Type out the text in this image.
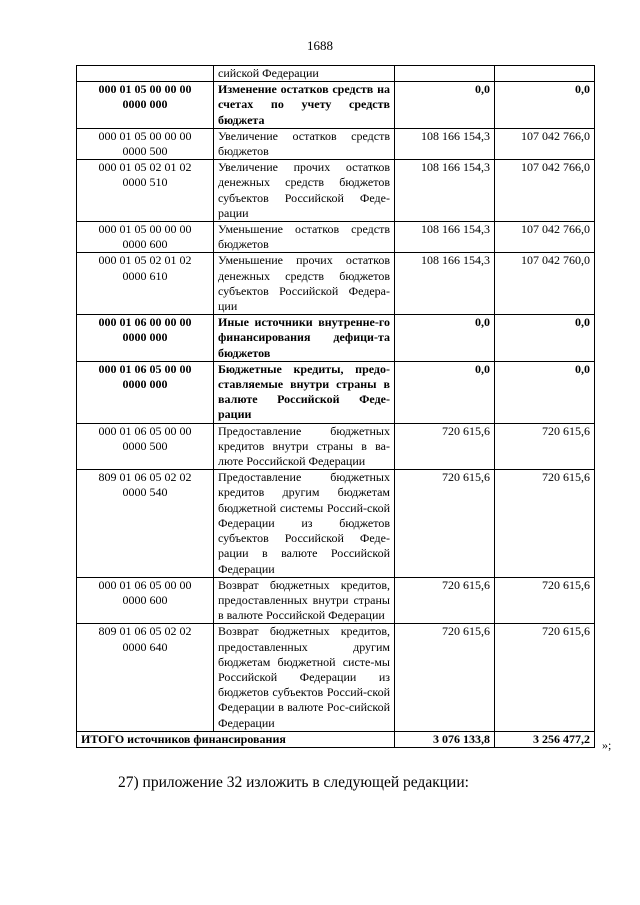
1688
	сийской Федерации		
000 01 05 00 00 00
0000 000	Изменение остатков средств на счетах по учету средств бюджета	0,0	0,0
000 01 05 00 00 00
0000 500	Увеличение остатков средств бюджетов	108 166 154,3	107 042 766,0
000 01 05 02 01 02
0000 510	Увеличение прочих остатков денежных средств бюджетов субъектов Российской Феде-рации	108 166 154,3	107 042 766,0
000 01 05 00 00 00
0000 600	Уменьшение остатков средств бюджетов	108 166 154,3	107 042 766,0
000 01 05 02 01 02
0000 610	Уменьшение прочих остатков денежных средств бюджетов субъектов Российской Федера-ции	108 166 154,3	107 042 760,0
000 01 06 00 00 00
0000 000	Иные источники внутренне-го финансирования дефици-та бюджетов	0,0	0,0
000 01 06 05 00 00
0000 000	Бюджетные кредиты, предо-ставляемые внутри страны в валюте Российской Феде-рации	0,0	0,0
000 01 06 05 00 00
0000 500	Предоставление бюджетных кредитов внутри страны в ва-люте Российской Федерации	720 615,6	720 615,6
809 01 06 05 02 02
0000 540	Предоставление бюджетных кредитов другим бюджетам бюджетной системы Россий-ской Федерации из бюджетов субъектов Российской Феде-рации в валюте Российской Федерации	720 615,6	720 615,6
000 01 06 05 00 00
0000 600	Возврат бюджетных кредитов, предоставленных внутри страны в валюте Российской Федерации	720 615,6	720 615,6
809 01 06 05 02 02
0000 640	Возврат бюджетных кредитов, предоставленных другим бюджетам бюджетной систе-мы Российской Федерации из бюджетов субъектов Россий-ской Федерации в валюте Рос-сийской Федерации	720 615,6	720 615,6
ИТОГО источников финансирования		3 076 133,8	3 256 477,2 »;
27) приложение 32 изложить в следующей редакции:
